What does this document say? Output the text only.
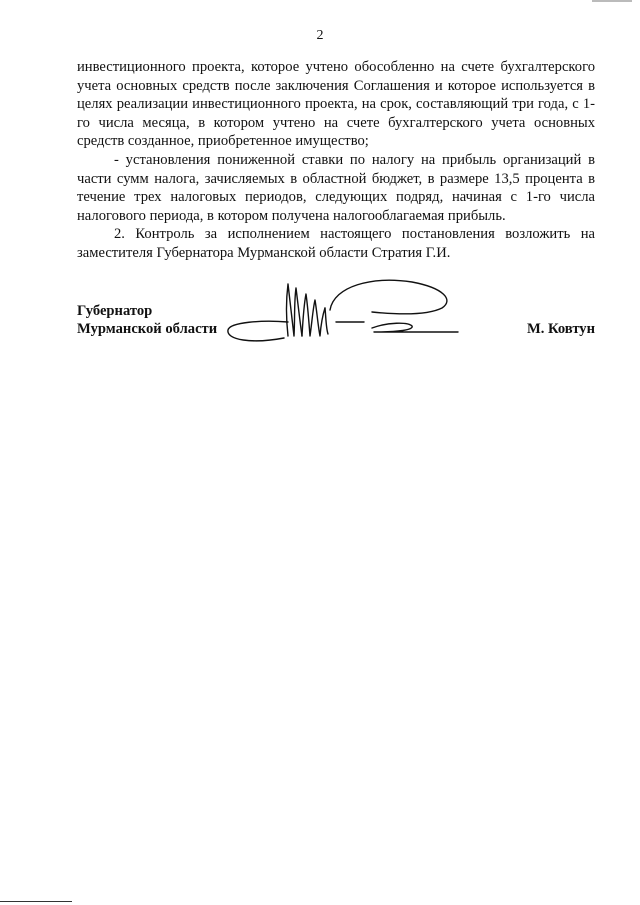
2

инвестиционного проекта, которое учтено обособленно на счете бухгалтерского учета основных средств после заключения Соглашения и которое используется в целях реализации инвестиционного проекта, на срок, составляющий три года, с 1-го числа месяца, в котором учтено на счете бухгалтерского учета основных средств созданное, приобретенное имущество;

- установления пониженной ставки по налогу на прибыль организаций в части сумм налога, зачисляемых в областной бюджет, в размере 13,5 процента в течение трех налоговых периодов, следующих подряд, начиная с 1-го числа налогового периода, в котором получена налогооблагаемая прибыль.

2. Контроль за исполнением настоящего постановления возложить на заместителя Губернатора Мурманской области Стратия Г.И.

Губернатор
Мурманской области	М. Ковтун
